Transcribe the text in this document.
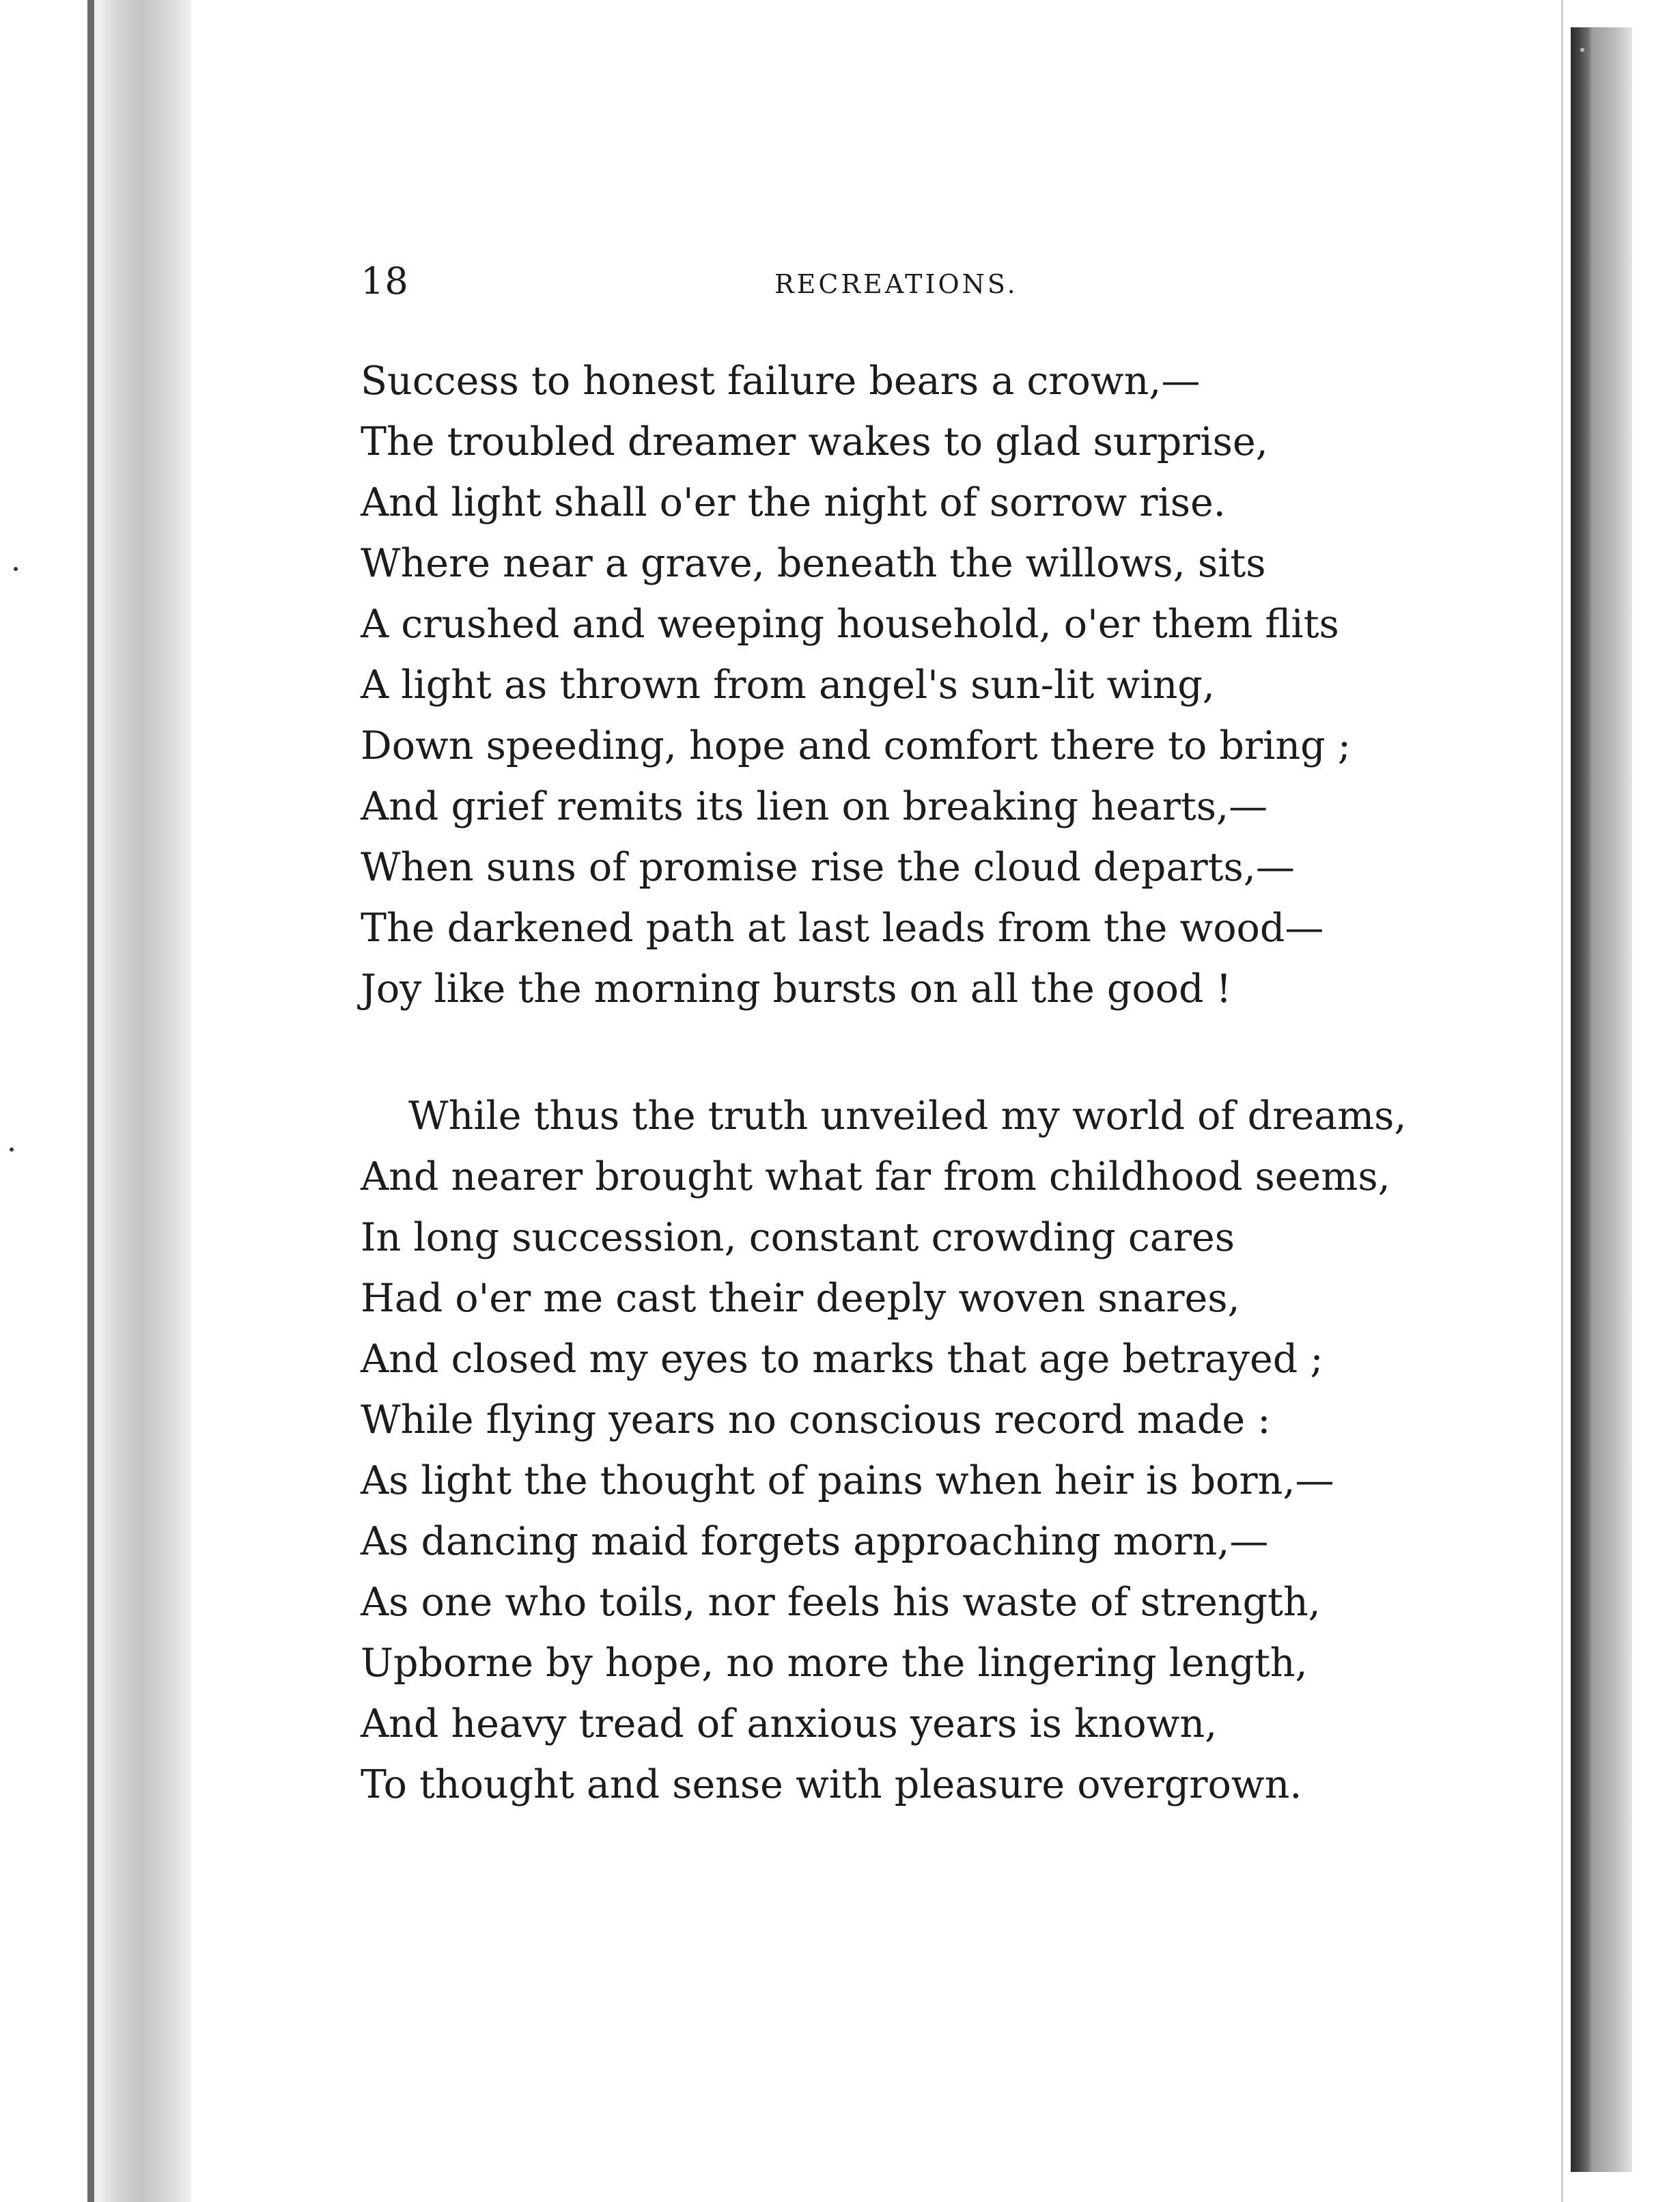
18	RECREATIONS.
Success to honest failure bears a crown,—
The troubled dreamer wakes to glad surprise,
And light shall o'er the night of sorrow rise.
Where near a grave, beneath the willows, sits
A crushed and weeping household, o'er them flits
A light as thrown from angel's sun-lit wing,
Down speeding, hope and comfort there to bring ;
And grief remits its lien on breaking hearts,—
When suns of promise rise the cloud departs,—
The darkened path at last leads from the wood—
Joy like the morning bursts on all the good !
While thus the truth unveiled my world of dreams,
And nearer brought what far from childhood seems,
In long succession, constant crowding cares
Had o'er me cast their deeply woven snares,
And closed my eyes to marks that age betrayed ;
While flying years no conscious record made :
As light the thought of pains when heir is born,—
As dancing maid forgets approaching morn,—
As one who toils, nor feels his waste of strength,
Upborne by hope, no more the lingering length,
And heavy tread of anxious years is known,
To thought and sense with pleasure overgrown.
